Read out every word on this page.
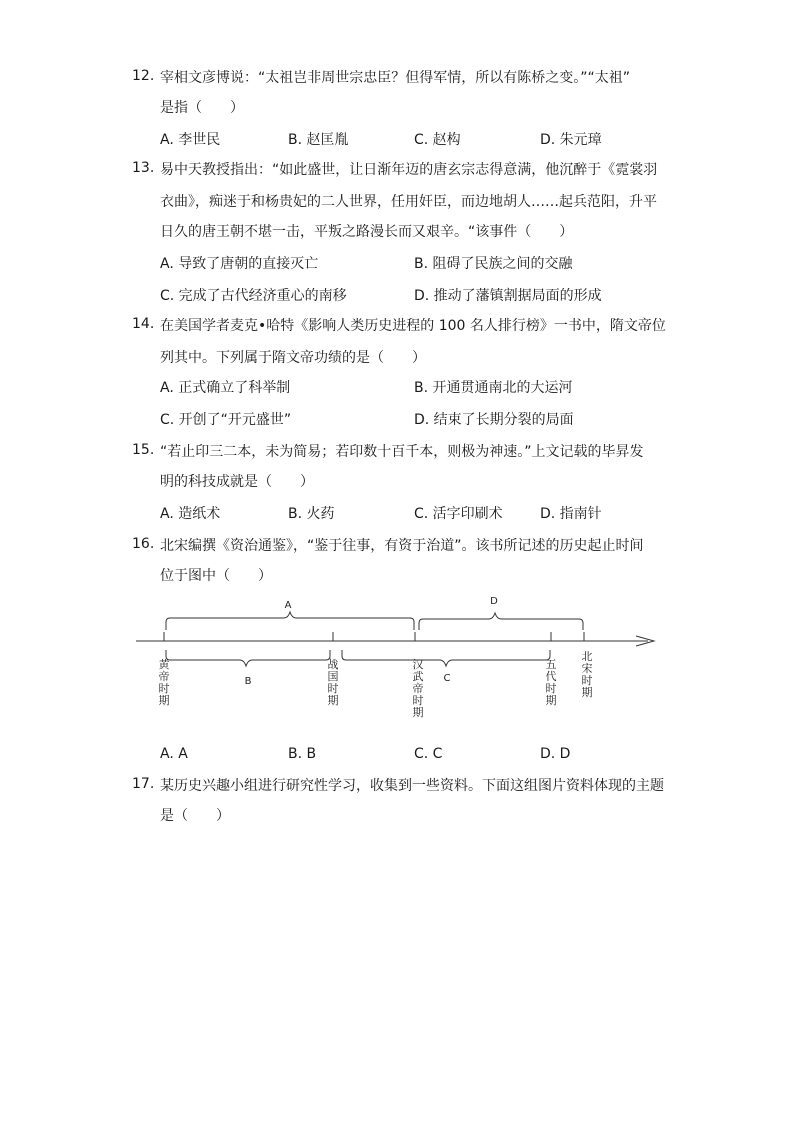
12. 宰相文彦博说：“太祖岂非周世宗忠臣？但得军情，所以有陈桥之变。”“太祖”
是指（　　）
A. 李世民	B. 赵匡胤	C. 赵构	D. 朱元璋
13. 易中天教授指出：“如此盛世，让日渐年迈的唐玄宗志得意满，他沉醉于《霓裳羽
衣曲》，痴迷于和杨贵妃的二人世界，任用奸臣，而边地胡人……起兵范阳，升平
日久的唐王朝不堪一击，平叛之路漫长而又艰辛。“该事件（　　）
A. 导致了唐朝的直接灭亡	B. 阻碍了民族之间的交融
C. 完成了古代经济重心的南移	D. 推动了藩镇割据局面的形成
14. 在美国学者麦克•哈特《影响人类历史进程的 100 名人排行榜》一书中，隋文帝位
列其中。下列属于隋文帝功绩的是（　　）
A. 正式确立了科举制	B. 开通贯通南北的大运河
C. 开创了“开元盛世”	D. 结束了长期分裂的局面
15. “若止印三二本，未为简易；若印数十百千本，则极为神速。”上文记载的毕昇发
明的科技成就是（　　）
A. 造纸术	B. 火药	C. 活字印刷术	D. 指南针
16. 北宋编撰《资治通鉴》，“鉴于往事，有资于治道”。该书所记述的历史起止时间
位于图中（　　）
A	D
B	C
黄帝时期
战国时期
汉武帝时期
五代时期
北宋时期
A. A	B. B	C. C	D. D
17. 某历史兴趣小组进行研究性学习，收集到一些资料。下面这组图片资料体现的主题
是（　　）
